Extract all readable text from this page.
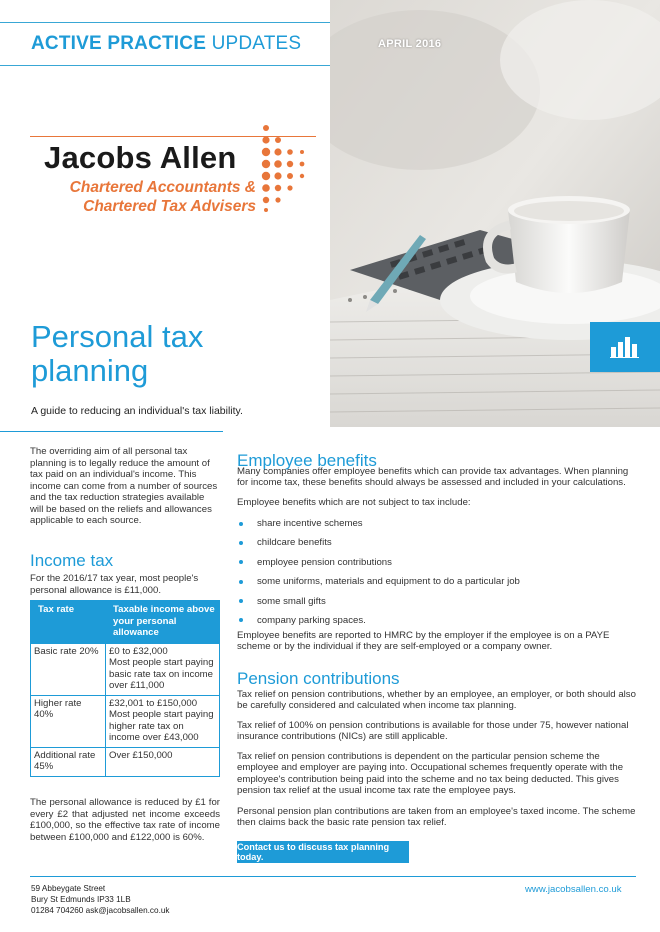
ACTIVE PRACTICE UPDATES	APRIL 2016
Jacobs Allen
Chartered Accountants &
Chartered Tax Advisers
Personal tax planning
A guide to reducing an individual's tax liability.

The overriding aim of all personal tax planning is to legally reduce the amount of tax paid on an individual's income. This income can come from a number of sources and the tax reduction strategies available will be based on the reliefs and allowances applicable to each source.

Income tax

For the 2016/17 tax year, most people's personal allowance is £11,000.

Tax rate	Taxable income above your personal allowance
Basic rate 20%	£0 to £32,000
Most people start paying basic rate tax on income over £11,000

Higher rate 40%	£32,001 to £150,000
Most people start paying higher rate tax on income over £43,000

Additional rate 45%	Over £150,000

The personal allowance is reduced by £1 for every £2 that adjusted net income exceeds £100,000, so the effective tax rate of income between £100,000 and £122,000 is 60%.

Employee benefits

Many companies offer employee benefits which can provide tax advantages. When planning for income tax, these benefits should always be assessed and included in your calculations.

Employee benefits which are not subject to tax include:

share incentive schemes
childcare benefits
employee pension contributions
some uniforms, materials and equipment to do a particular job
some small gifts
company parking spaces.

Employee benefits are reported to HMRC by the employer if the employee is on a PAYE scheme or by the individual if they are self-employed or a company owner.

Pension contributions

Tax relief on pension contributions, whether by an employee, an employer, or both should also be carefully considered and calculated when income tax planning.

Tax relief of 100% on pension contributions is available for those under 75, however national insurance contributions (NICs) are still applicable.

Tax relief on pension contributions is dependent on the particular pension scheme the employee and employer are paying into. Occupational schemes frequently operate with the employee's contribution being paid into the scheme and no tax being deducted. This gives pension tax relief at the usual income tax rate the employee pays.

Personal pension plan contributions are taken from an employee's taxed income. The scheme then claims back the basic rate pension tax relief.

Contact us to discuss tax planning today.
59 Abbeygate Street
Bury St Edmunds IP33 1LB
01284 704260 ask@jacobsallen.co.uk
www.jacobsallen.co.uk
